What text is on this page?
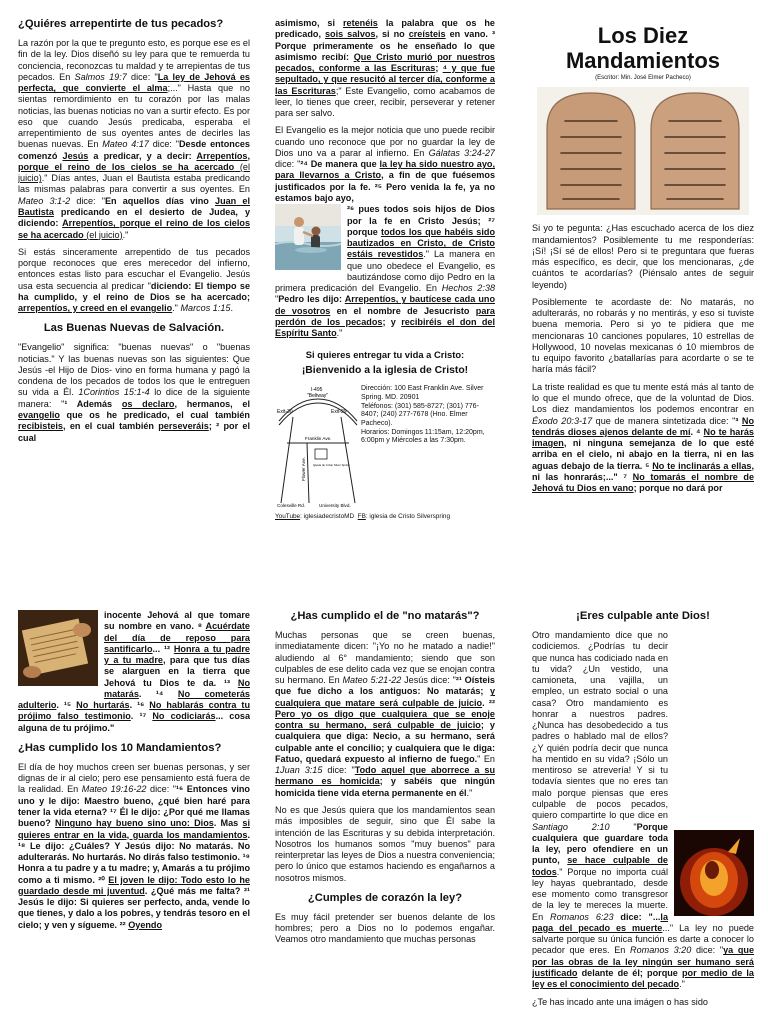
¿Quiéres arrepentirte de tus pecados?

La razón por la que te pregunto esto, es porque ese es el fin de la ley. Dios diseñó su ley para que te remuerda tu conciencia, reconozcas tu maldad y te arrepientas de tus pecados. En Salmos 19:7 dice: "La ley de Jehová es perfecta, que convierte el alma;..." Hasta que no sientas remordimiento en tu corazón por las malas noticias, las buenas noticias no van a surtir efecto. Es por eso que cuando Jesús predicaba, esperaba el arrepentimiento de sus oyentes antes de decirles las buenas nuevas. En Mateo 4:17 dice: "Desde entonces comenzó Jesús a predicar, y a decir: Arrepentíos, porque el reino de los cielos se ha acercado (el juicio)." Días antes, Juan el Bautista estaba predicando las mismas palabras para convertir a sus oyentes. En Mateo 3:1-2 dice: "En aquellos días vino Juan el Bautista predicando en el desierto de Judea, y diciendo: Arrepentíos, porque el reino de los cielos se ha acercado (el juicio)."

Si estás sinceramente arrepentido de tus pecados porque reconoces que eres merecedor del infierno, entonces estas listo para escuchar el Evangelio. Jesús usa esta secuencia al predicar "diciendo: El tiempo se ha cumplido, y el reino de Dios se ha acercado; arrepentíos, y creed en el evangelio." Marcos 1:15.

Las Buenas Nuevas de Salvación.

"Evangelio" significa: "buenas nuevas" o "buenas noticias." Y las buenas nuevas son las siguientes: Que Jesús -el Hijo de Dios- vino en forma humana y pagó la condena de los pecados de todos los que le entreguen su vida a Él. 1Corintios 15:1-4 lo dice de la siguiente manera: "¹ Además os declaro, hermanos, el evangelio que os he predicado, el cual también recibisteis, en el cual también perseveráis; ² por el cual

asimismo, si retenéis la palabra que os he predicado, sois salvos, si no creísteis en vano. ³ Porque primeramente os he enseñado lo que asimismo recibí: Que Cristo murió por nuestros pecados, conforme a las Escrituras; ⁴ y que fue sepultado, y que resucitó al tercer día, conforme a las Escrituras;" Este Evangelio, como acabamos de leer, lo tienes que creer, recibir, perseverar y retener para ser salvo.

El Evangelio es la mejor noticia que uno puede recibir cuando uno reconoce que por no guardar la ley de Dios uno va a parar al infierno. En Gálatas 3:24-27 dice: "²⁴ De manera que la ley ha sido nuestro ayo, para llevarnos a Cristo, a fin de que fuésemos justificados por la fe. ²⁵ Pero venida la fe, ya no estamos bajo ayo,

²⁶ pues todos sois hijos de Dios por la fe en Cristo Jesús; ²⁷ porque todos los que habéis sido bautizados en Cristo, de Cristo estáis revestidos." La manera en que uno obedece el Evangelio, es bautizándose como dijo Pedro en la primera predicación del Evangelio. En Hechos 2:38 "Pedro les dijo: Arrepentíos, y bautícese cada uno de vosotros en el nombre de Jesucristo para perdón de los pecados; y recibiréis el don del Espíritu Santo."

Si quieres entregar tu vida a Cristo:
¡Bienvenido a la iglesia de Cristo!
I-495
"Beltway"
Exit-29
Exit-30
Franklin Ave.
Flower Ave.	Iglesia de Cristo Silver Spring
Colesville Rd.	University Blvd.
Dirección: 100 East Franklin Ave. Silver Spring. MD. 20901
Teléfonos: (301) 585-8727; (301) 776-8407; (240) 277-7678 (Hno. Elmer Pacheco).
Horarios: Domingos 11:15am, 12:20pm, 6:00pm y Miércoles a las 7:30pm.
YouTube: iglesiadecristoMD FB: iglesia de Cristo Silverspring
Los Diez Mandamientos
(Escritor: Min. José Elmer Pacheco)

Si yo te pegunta: ¿Has escuchado acerca de los diez mandamientos? Posiblemente tu me responderías: ¡Sí! ¡Sí sé de ellos! Pero si te preguntara que fueras más específico, es decir, que los mencionaras, ¿de cuántos te acordarías? (Piénsalo antes de seguir leyendo)

Posiblemente te acordaste de: No matarás, no adulterarás, no robarás y no mentirás, y eso si tuviste buena memoria. Pero si yo te pidiera que me mencionaras 10 canciones populares, 10 estrellas de Hollywood, 10 novelas mexicanas ó 10 miembros de tu equipo favorito ¿batallarías para acordarte o se te haría más fácil?

La triste realidad es que tu mente está más al tanto de lo que el mundo ofrece, que de la voluntad de Dios. Los diez mandamientos los podemos encontrar en Éxodo 20:3-17 que de manera sintetizada dice: "³ No tendrás dioses ajenos delante de mí. ⁴ No te harás imagen, ni ninguna semejanza de lo que esté arriba en el cielo, ni abajo en la tierra, ni en las aguas debajo de la tierra. ⁵ No te inclinarás a ellas, ni las honrarás;..." ⁷ No tomarás el nombre de Jehová tu Dios en vano; porque no dará por

inocente Jehová al que tomare su nombre en vano. ⁸ Acuérdate del día de reposo para santificarlo... ¹² Honra a tu padre y a tu madre, para que tus días se alarguen en la tierra que Jehová tu Dios te da. ¹³ No matarás. ¹⁴ No cometerás adulterio. ¹⁵ No hurtarás. ¹⁶ No hablarás contra tu prójimo falso testimonio. ¹⁷ No codiciarás... cosa alguna de tu prójimo."

¿Has cumplido los 10 Mandamientos?

El día de hoy muchos creen ser buenas personas, y ser dignas de ir al cielo; pero ese pensamiento está fuera de la realidad. En Mateo 19:16-22 dice: "¹⁶ Entonces vino uno y le dijo: Maestro bueno, ¿qué bien haré para tener la vida eterna? ¹⁷ Él le dijo: ¿Por qué me llamas bueno? Ninguno hay bueno sino uno: Dios. Mas si quieres entrar en la vida, guarda los mandamientos. ¹⁸ Le dijo: ¿Cuáles? Y Jesús dijo: No matarás. No adulterarás. No hurtarás. No dirás falso testimonio. ¹⁹ Honra a tu padre y a tu madre; y, Amarás a tu prójimo como a ti mismo. ²⁰ El joven le dijo: Todo esto lo he guardado desde mi juventud. ¿Qué más me falta? ²¹ Jesús le dijo: Si quieres ser perfecto, anda, vende lo que tienes, y dalo a los pobres, y tendrás tesoro en el cielo; y ven y sígueme. ²² Oyendo

¿Has cumplido el de "no matarás"?

Muchas personas que se creen buenas, inmediatamente dicen: "¡Yo no he matado a nadie!" aludiendo al 6° mandamiento; siendo que son culpables de ese delito cada vez que se enojan contra su hermano. En Mateo 5:21-22 Jesús dice: "²¹ Oísteis que fue dicho a los antiguos: No matarás; y cualquiera que matare será culpable de juicio. ²² Pero yo os digo que cualquiera que se enoje contra su hermano, será culpable de juicio; y cualquiera que diga: Necio, a su hermano, será culpable ante el concilio; y cualquiera que le diga: Fatuo, quedará expuesto al infierno de fuego." En 1Juan 3:15 dice: "Todo aquel que aborrece a su hermano es homicida; y sabéis que ningún homicida tiene vida eterna permanente en él."

No es que Jesús quiera que los mandamientos sean más imposibles de seguir, sino que Él sabe la intención de las Escrituras y su debida interpretación. Nosotros los humanos somos "muy buenos" para reinterpretar las leyes de Dios a nuestra conveniencia; pero lo único que estamos haciendo es engañarnos a nosotros mismos.

¿Cumples de corazón la ley?

Es muy fácil pretender ser buenos delante de los hombres; pero a Dios no lo podemos engañar. Veamos otro mandamiento que muchas personas

¡Eres culpable ante Dios!

Otro mandamiento dice que no codiciemos. ¿Podrías tu decir que nunca has codiciado nada en tu vida? ¿Un vestido, una camioneta, una vajilla, un empleo, un estrato social o una casa? Otro mandamiento es honrar a nuestros padres. ¿Nunca has desobedecido a tus padres o hablado mal de ellos? ¿Y quién podría decir que nunca ha mentido en su vida? ¡Sólo un mentiroso se atrevería! Y si tu todavía sientes que no eres tan malo porque piensas que eres culpable de pocos pecados, quiero compartirte lo que dice en Santiago 2:10 "Porque cualquiera que guardare toda la ley, pero ofendiere en un punto, se hace culpable de todos." Porque no importa cuál ley hayas quebrantado, desde ese momento como transgresor de la ley te mereces la muerte. En Romanos 6:23 dice: "...la paga del pecado es muerte..." La ley no puede salvarte porque su única función es darte a conocer lo pecador que eres. En Romanos 3:20 dice: "ya que por las obras de la ley ningún ser humano será justificado delante de él; porque por medio de la ley es el conocimiento del pecado."

¿Te has incado ante una imágen o has sido
